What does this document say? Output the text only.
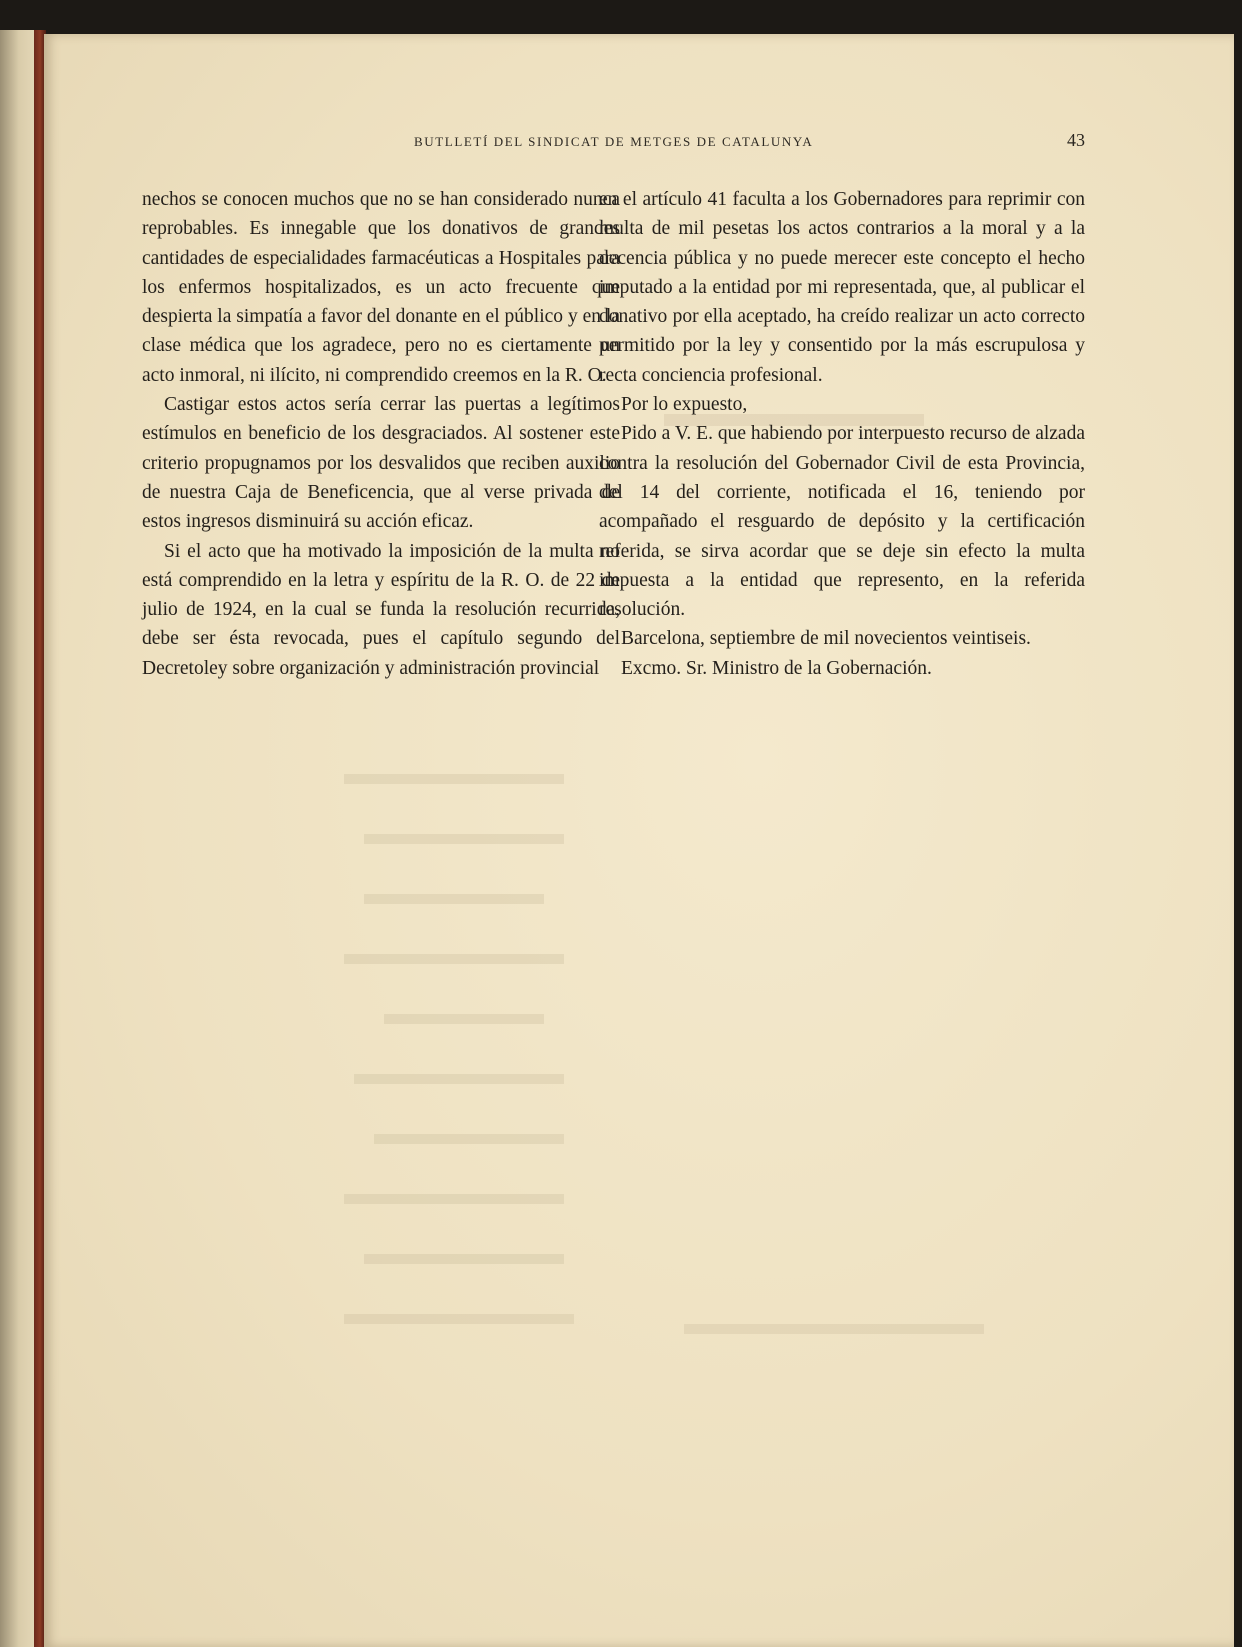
BUTLLETÍ DEL SINDICAT DE METGES DE CATALUNYA	43

nechos se conocen muchos que no se han considerado nunca reprobables. Es innegable que los donativos de grandes cantidades de especialidades farmacéuticas a Hospitales para los enfermos hospitalizados, es un acto frecuente que despierta la simpatía a favor del donante en el público y en la clase médica que los agradece, pero no es ciertamente un acto inmoral, ni ilícito, ni comprendido creemos en la R. O.

Castigar estos actos sería cerrar las puertas a legítimos estímulos en beneficio de los desgraciados. Al sostener este criterio propugnamos por los desvalidos que reciben auxilio de nuestra Caja de Beneficencia, que al verse privada de estos ingresos disminuirá su acción eficaz.

Si el acto que ha motivado la imposición de la multa no está comprendido en la letra y espíritu de la R. O. de 22 de julio de 1924, en la cual se funda la resolución recurrida, debe ser ésta revocada, pues el capítulo segundo del Decretoley sobre organización y administración provincial

en el artículo 41 faculta a los Gobernadores para reprimir con multa de mil pesetas los actos contrarios a la moral y a la decencia pública y no puede merecer este concepto el hecho imputado a la entidad por mi representada, que, al publicar el donativo por ella aceptado, ha creído realizar un acto correcto permitido por la ley y consentido por la más escrupulosa y recta conciencia profesional.

Por lo expuesto,

Pido a V. E. que habiendo por interpuesto recurso de alzada contra la resolución del Gobernador Civil de esta Provincia, del 14 del corriente, notificada el 16, teniendo por acompañado el resguardo de depósito y la certificación referida, se sirva acordar que se deje sin efecto la multa impuesta a la entidad que represento, en la referida resolución.

Barcelona, septiembre de mil novecientos veintiseis.

Excmo. Sr. Ministro de la Gobernación.
